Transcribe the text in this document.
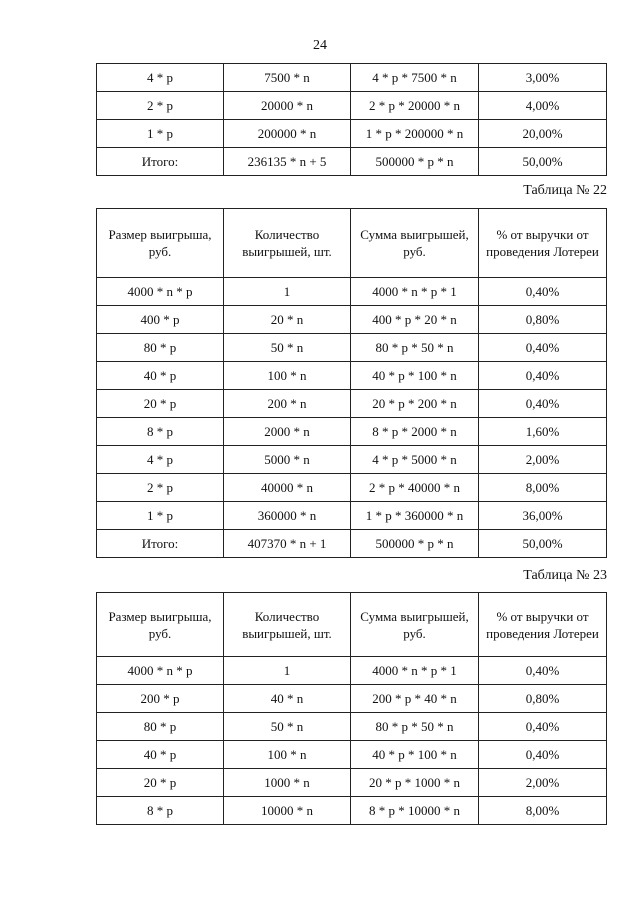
24
4 * p	7500 * n	4 * p * 7500 * n	3,00%
2 * p	20000 * n	2 * p * 20000 * n	4,00%
1 * p	200000 * n	1 * p * 200000 * n	20,00%
Итого:	236135 * n + 5	500000 * p * n	50,00%
Таблица № 22
Размер выигрыша, руб.	Количество выигрышей, шт.	Сумма выигрышей, руб.	% от выручки от проведения Лотереи
4000 * n * p	1	4000 * n * p * 1	0,40%
400 * p	20 * n	400 * p * 20 * n	0,80%
80 * p	50 * n	80 * p * 50 * n	0,40%
40 * p	100 * n	40 * p * 100 * n	0,40%
20 * p	200 * n	20 * p * 200 * n	0,40%
8 * p	2000 * n	8 * p * 2000 * n	1,60%
4 * p	5000 * n	4 * p * 5000 * n	2,00%
2 * p	40000 * n	2 * p * 40000 * n	8,00%
1 * p	360000 * n	1 * p * 360000 * n	36,00%
Итого:	407370 * n + 1	500000 * p * n	50,00%
Таблица № 23
Размер выигрыша, руб.	Количество выигрышей, шт.	Сумма выигрышей, руб.	% от выручки от проведения Лотереи
4000 * n * p	1	4000 * n * p * 1	0,40%
200 * p	40 * n	200 * p * 40 * n	0,80%
80 * p	50 * n	80 * p * 50 * n	0,40%
40 * p	100 * n	40 * p * 100 * n	0,40%
20 * p	1000 * n	20 * p * 1000 * n	2,00%
8 * p	10000 * n	8 * p * 10000 * n	8,00%
